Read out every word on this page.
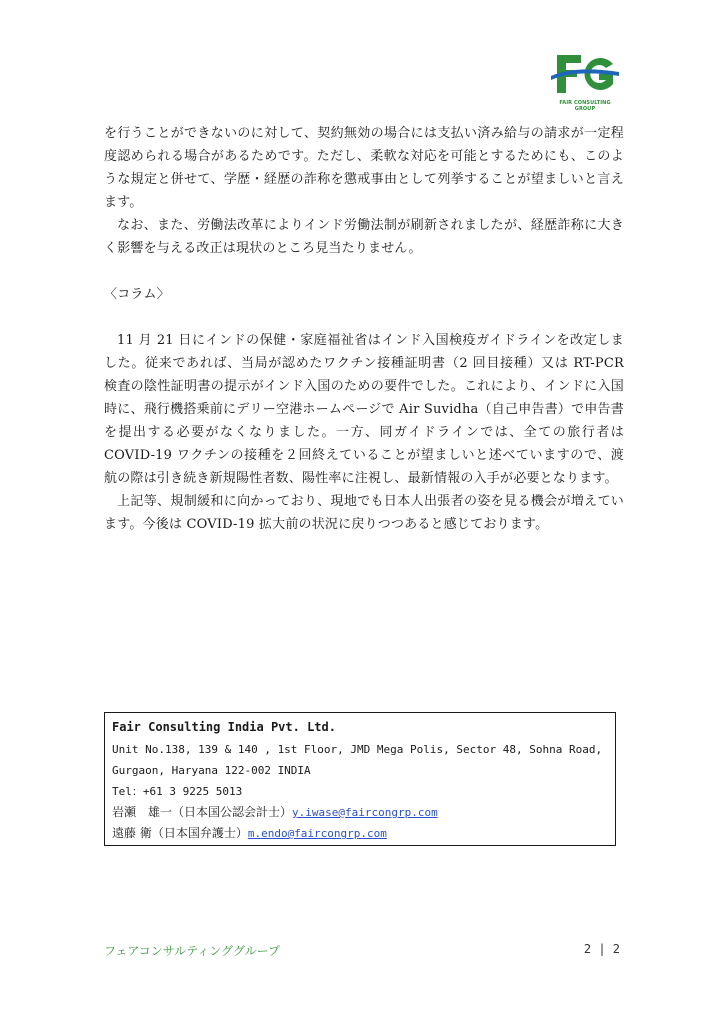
FAIR CONSULTING GROUP

を行うことができないのに対して、契約無効の場合には支払い済み給与の請求が一定程度認められる場合があるためです。ただし、柔軟な対応を可能とするためにも、このような規定と併せて、学歴・経歴の詐称を懲戒事由として列挙することが望ましいと言えます。

なお、また、労働法改革によりインド労働法制が刷新されましたが、経歴詐称に大きく影響を与える改正は現状のところ見当たりません。

〈コラム〉

11 月 21 日にインドの保健・家庭福祉省はインド入国検疫ガイドラインを改定しました。従来であれば、当局が認めたワクチン接種証明書（2 回目接種）又は RT-PCR 検査の陰性証明書の提示がインド入国のための要件でした。これにより、インドに入国時に、飛行機搭乗前にデリー空港ホームページで Air Suvidha（自己申告書）で申告書を提出する必要がなくなりました。一方、同ガイドラインでは、全ての旅行者は COVID-19 ワクチンの接種を２回終えていることが望ましいと述べていますので、渡航の際は引き続き新規陽性者数、陽性率に注視し、最新情報の入手が必要となります。

上記等、規制緩和に向かっており、現地でも日本人出張者の姿を見る機会が増えています。今後は COVID-19 拡大前の状況に戻りつつあると感じております。

Fair Consulting India Pvt. Ltd.
Unit No.138, 139 & 140 , 1st Floor, JMD Mega Polis, Sector 48, Sohna Road,
Gurgaon, Haryana 122-002 INDIA
Tel：+61 3 9225 5013
岩瀬　雄一（日本国公認会計士）y.iwase@faircongrp.com
遠藤 衛（日本国弁護士）m.endo@faircongrp.com
フェアコンサルティンググループ	2 | 2
